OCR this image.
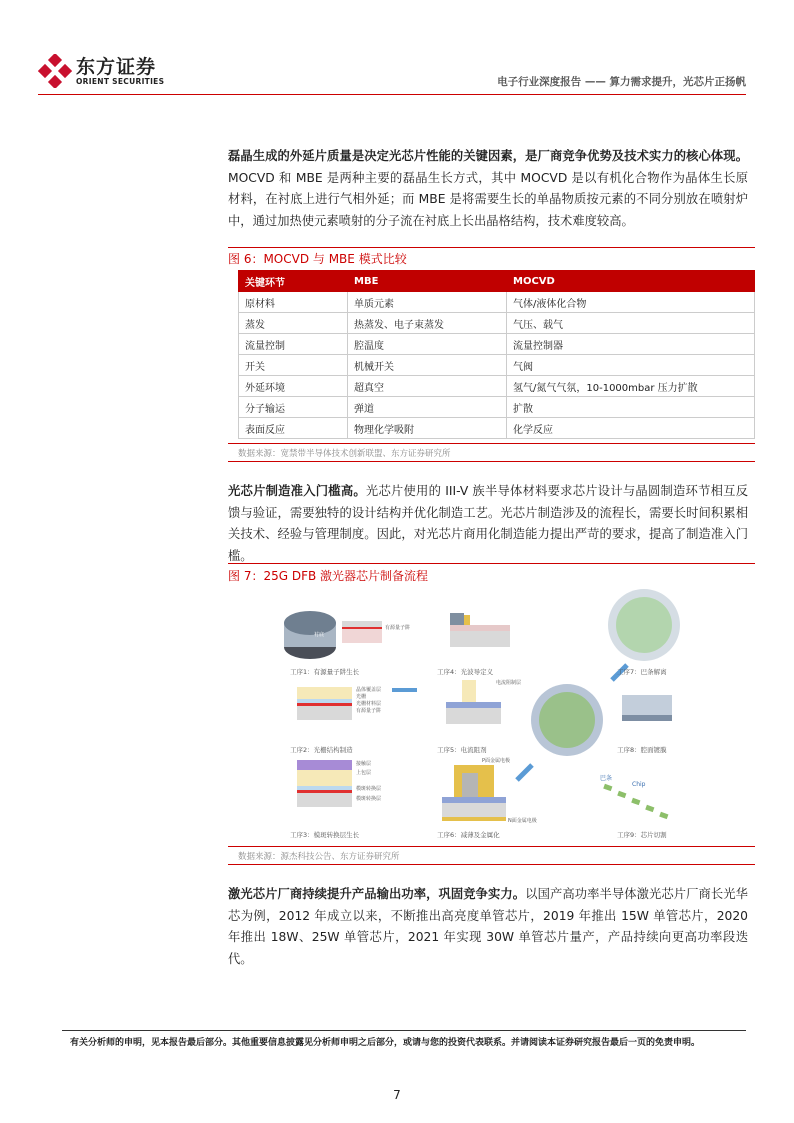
东方证券
ORIENT SECURITIES	电子行业深度报告 —— 算力需求提升，光芯片正扬帆

磊晶生成的外延片质量是决定光芯片性能的关键因素，是厂商竞争优势及技术实力的核心体现。MOCVD 和 MBE 是两种主要的磊晶生长方式，其中 MOCVD 是以有机化合物作为晶体生长原材料，在衬底上进行气相外延；而 MBE 是将需要生长的单晶物质按元素的不同分别放在喷射炉中，通过加热使元素喷射的分子流在衬底上长出晶格结构，技术难度较高。

图 6：MOCVD 与 MBE 模式比较
关键环节	MBE	MOCVD
原材料	单质元素	气体/液体化合物
蒸发	热蒸发、电子束蒸发	气压、载气
流量控制	腔温度	流量控制器
开关	机械开关	气阀
外延环境	超真空	氢气/氮气气氛，10-1000mbar 压力扩散
分子输运	弹道	扩散
表面反应	物理化学吸附	化学反应
数据来源：宽禁带半导体技术创新联盟、东方证券研究所

光芯片制造准入门槛高。光芯片使用的 III-V 族半导体材料要求芯片设计与晶圆制造环节相互反馈与验证，需要独特的设计结构并优化制造工艺。光芯片制造涉及的流程长，需要长时间积累相关技术、经验与管理制度。因此，对光芯片商用化制造能力提出严苛的要求，提高了制造准入门槛。

图 7：25G DFB 激光器芯片制备流程
工序1：有源量子阱生长
工序2：光栅结构制造
工序3：模斑转换层生长
工序4：光波导定义
工序5：电流阻剂
工序6：减薄及金属化
工序7：巴条解离
工序8：腔面镀膜
工序9：芯片切割
有源量子阱
衬底
晶体覆盖层
光栅
光栅材料层
有源量子阱
接触层
上包层
模斑转换层
模斑转换层
电流阻制层
P面金属电极
N面金属电极
巴条
Chip
数据来源：源杰科技公告、东方证券研究所

激光芯片厂商持续提升产品输出功率，巩固竞争实力。以国产高功率半导体激光芯片厂商长光华芯为例，2012 年成立以来，不断推出高亮度单管芯片，2019 年推出 15W 单管芯片，2020 年推出 18W、25W 单管芯片，2021 年实现 30W 单管芯片量产，产品持续向更高功率段迭代。

有关分析师的申明，见本报告最后部分。其他重要信息披露见分析师申明之后部分，或请与您的投资代表联系。并请阅读本证券研究报告最后一页的免责申明。
7
